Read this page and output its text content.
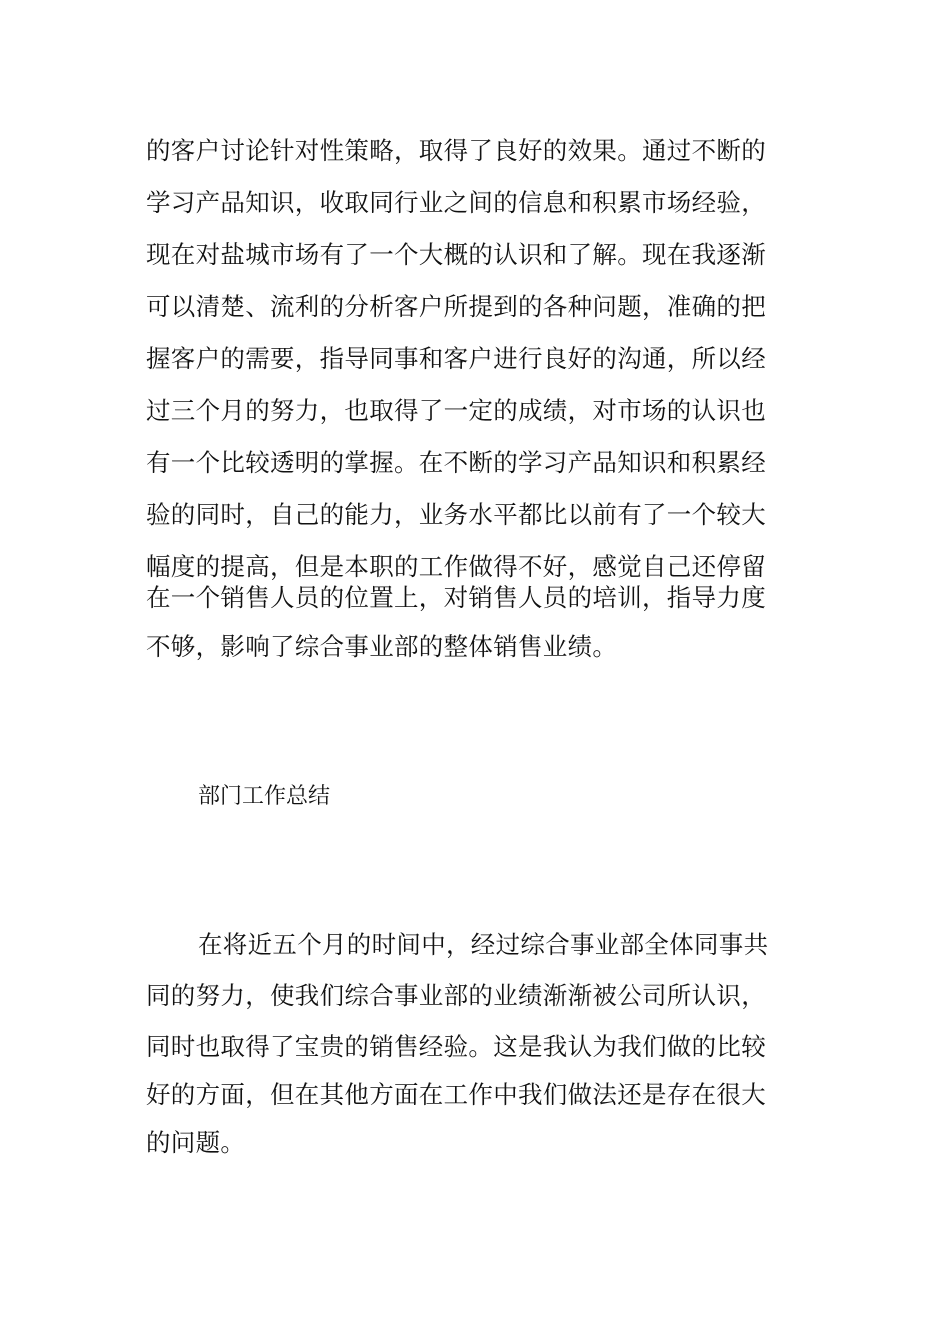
的客户讨论针对性策略，取得了良好的效果。通过不断的
学习产品知识，收取同行业之间的信息和积累市场经验，
现在对盐城市场有了一个大概的认识和了解。现在我逐渐
可以清楚、流利的分析客户所提到的各种问题，准确的把
握客户的需要，指导同事和客户进行良好的沟通，所以经
过三个月的努力，也取得了一定的成绩，对市场的认识也
有一个比较透明的掌握。在不断的学习产品知识和积累经
验的同时，自己的能力，业务水平都比以前有了一个较大
幅度的提高，但是本职的工作做得不好，感觉自己还停留
在一个销售人员的位置上，对销售人员的培训，指导力度
不够，影响了综合事业部的整体销售业绩。
部门工作总结
在将近五个月的时间中，经过综合事业部全体同事共
同的努力，使我们综合事业部的业绩渐渐被公司所认识，
同时也取得了宝贵的销售经验。这是我认为我们做的比较
好的方面，但在其他方面在工作中我们做法还是存在很大
的问题。
